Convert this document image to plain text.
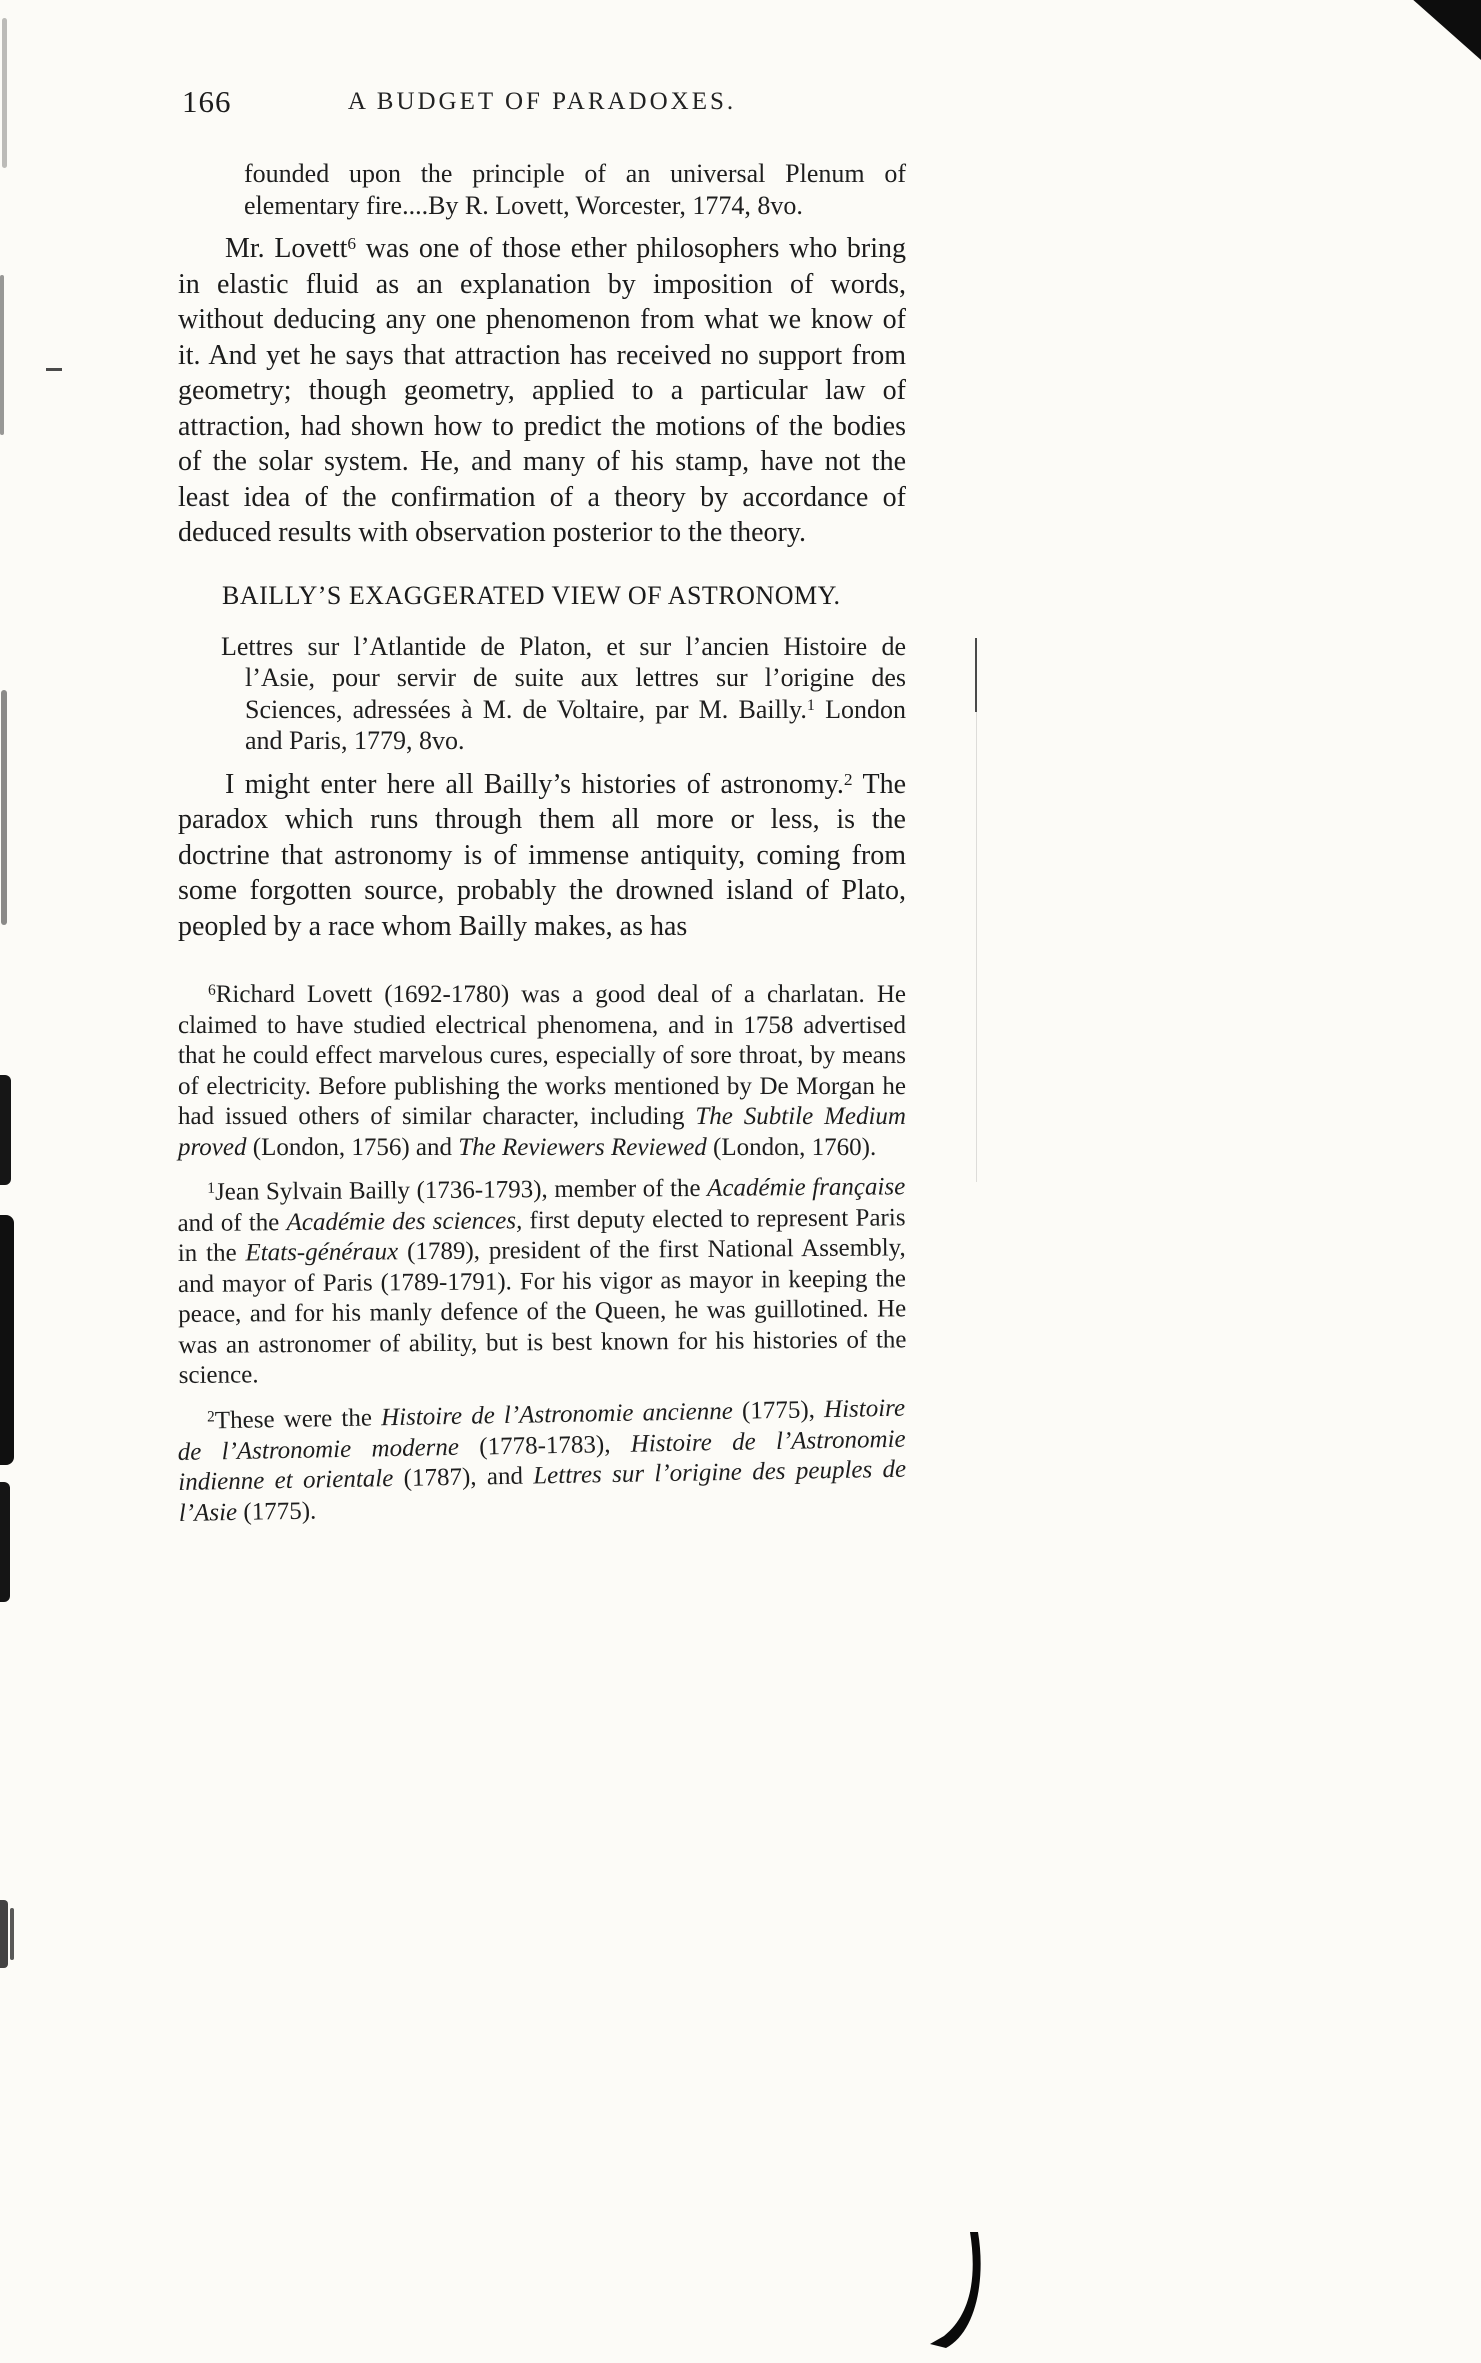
166	A BUDGET OF PARADOXES.
founded upon the principle of an universal Plenum of elementary fire....By R. Lovett, Worcester, 1774, 8vo.

Mr. Lovett$^6$ was one of those ether philosophers who bring in elastic fluid as an explanation by imposition of words, without deducing any one phenomenon from what we know of it. And yet he says that attraction has received no support from geometry; though geometry, applied to a particular law of attraction, had shown how to predict the motions of the bodies of the solar system. He, and many of his stamp, have not the least idea of the confirmation of a theory by accordance of deduced results with observation posterior to the theory.

BAILLY’S EXAGGERATED VIEW OF ASTRONOMY.
Lettres sur l’Atlantide de Platon, et sur l’ancien Histoire de l’Asie, pour servir de suite aux lettres sur l’origine des Sciences, adressées à M. de Voltaire, par M. Bailly.$^1$ London and Paris, 1779, 8vo.

I might enter here all Bailly’s histories of astronomy.$^2$ The paradox which runs through them all more or less, is the doctrine that astronomy is of immense antiquity, coming from some forgotten source, probably the drowned island of Plato, peopled by a race whom Bailly makes, as has

$^6$Richard Lovett (1692-1780) was a good deal of a charlatan. He claimed to have studied electrical phenomena, and in 1758 advertised that he could effect marvelous cures, especially of sore throat, by means of electricity. Before publishing the works mentioned by De Morgan he had issued others of similar character, including The Subtile Medium proved (London, 1756) and The Reviewers Reviewed (London, 1760).

$^1$Jean Sylvain Bailly (1736-1793), member of the Académie française and of the Académie des sciences, first deputy elected to represent Paris in the Etats-généraux (1789), president of the first National Assembly, and mayor of Paris (1789-1791). For his vigor as mayor in keeping the peace, and for his manly defence of the Queen, he was guillotined. He was an astronomer of ability, but is best known for his histories of the science.

$^2$These were the Histoire de l’Astronomie ancienne (1775), Histoire de l’Astronomie moderne (1778-1783), Histoire de l’Astronomie indienne et orientale (1787), and Lettres sur l’origine des peuples de l’Asie (1775).
